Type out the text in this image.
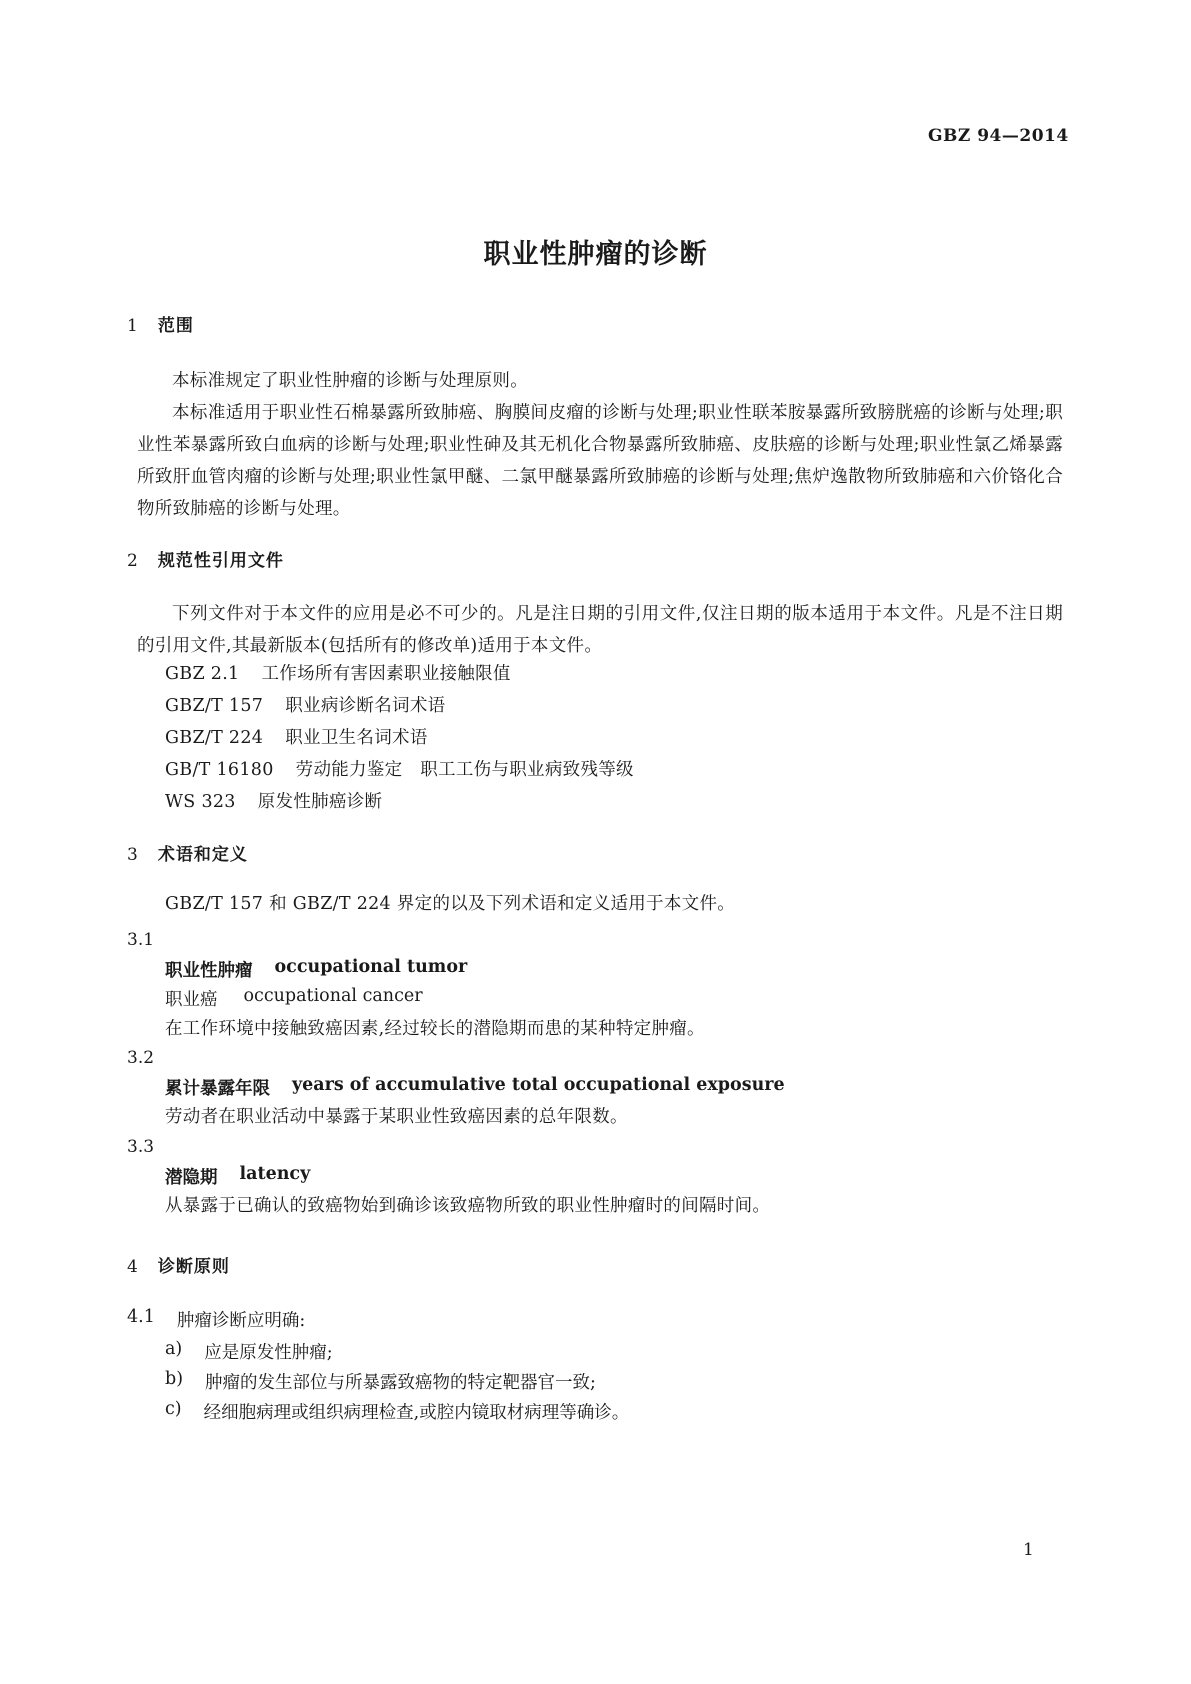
GBZ 94—2014
职业性肿瘤的诊断
1 范围
本标准规定了职业性肿瘤的诊断与处理原则。
本标准适用于职业性石棉暴露所致肺癌、胸膜间皮瘤的诊断与处理;职业性联苯胺暴露所致膀胱癌的诊断与处理;职业性苯暴露所致白血病的诊断与处理;职业性砷及其无机化合物暴露所致肺癌、皮肤癌的诊断与处理;职业性氯乙烯暴露所致肝血管肉瘤的诊断与处理;职业性氯甲醚、二氯甲醚暴露所致肺癌的诊断与处理;焦炉逸散物所致肺癌和六价铬化合物所致肺癌的诊断与处理。
2 规范性引用文件
下列文件对于本文件的应用是必不可少的。凡是注日期的引用文件,仅注日期的版本适用于本文件。凡是不注日期的引用文件,其最新版本(包括所有的修改单)适用于本文件。
GBZ 2.1 工作场所有害因素职业接触限值
GBZ/T 157 职业病诊断名词术语
GBZ/T 224 职业卫生名词术语
GB/T 16180 劳动能力鉴定　职工工伤与职业病致残等级
WS 323 原发性肺癌诊断
3 术语和定义
GBZ/T 157 和 GBZ/T 224 界定的以及下列术语和定义适用于本文件。
3.1
职业性肿瘤 occupational tumor
职业癌 occupational cancer
在工作环境中接触致癌因素,经过较长的潜隐期而患的某种特定肿瘤。
3.2
累计暴露年限 years of accumulative total occupational exposure
劳动者在职业活动中暴露于某职业性致癌因素的总年限数。
3.3
潜隐期 latency
从暴露于已确认的致癌物始到确诊该致癌物所致的职业性肿瘤时的间隔时间。
4 诊断原则
4.1 肿瘤诊断应明确:
a) 应是原发性肿瘤;
b) 肿瘤的发生部位与所暴露致癌物的特定靶器官一致;
c) 经细胞病理或组织病理检查,或腔内镜取材病理等确诊。
1
